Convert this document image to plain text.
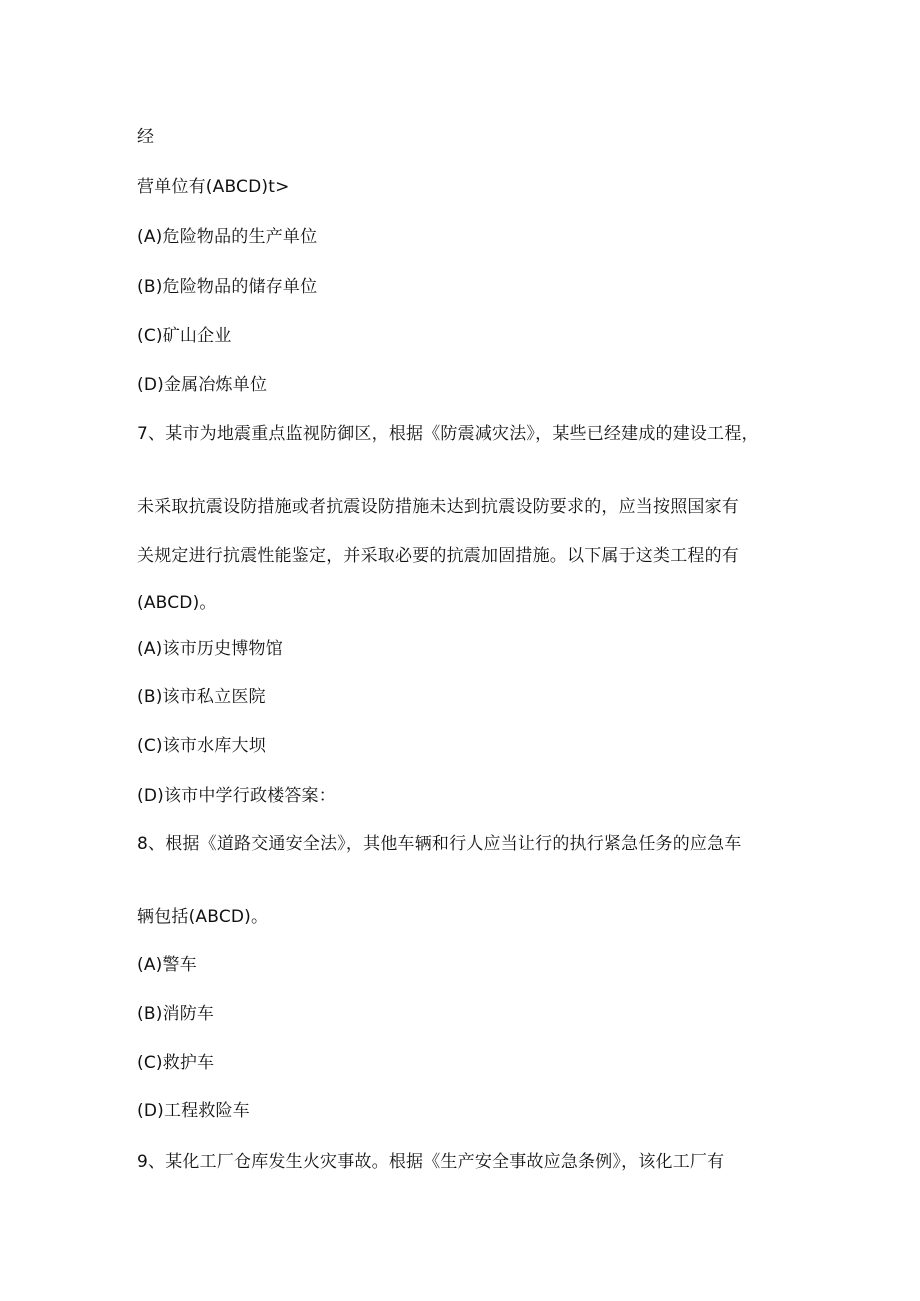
经
营单位有(ABCD)t>
(A)危险物品的生产单位
(B)危险物品的储存单位
(C)矿山企业
(D)金属冶炼单位
7、某市为地震重点监视防御区，根据《防震减灾法》，某些已经建成的建设工程，
未采取抗震设防措施或者抗震设防措施未达到抗震设防要求的，应当按照国家有
关规定进行抗震性能鉴定，并采取必要的抗震加固措施。以下属于这类工程的有
(ABCD)。
(A)该市历史博物馆
(B)该市私立医院
(C)该市水库大坝
(D)该市中学行政楼答案：
8、根据《道路交通安全法》，其他车辆和行人应当让行的执行紧急任务的应急车
辆包括(ABCD)。
(A)警车
(B)消防车
(C)救护车
(D)工程救险车
9、某化工厂仓库发生火灾事故。根据《生产安全事故应急条例》，该化工厂有
